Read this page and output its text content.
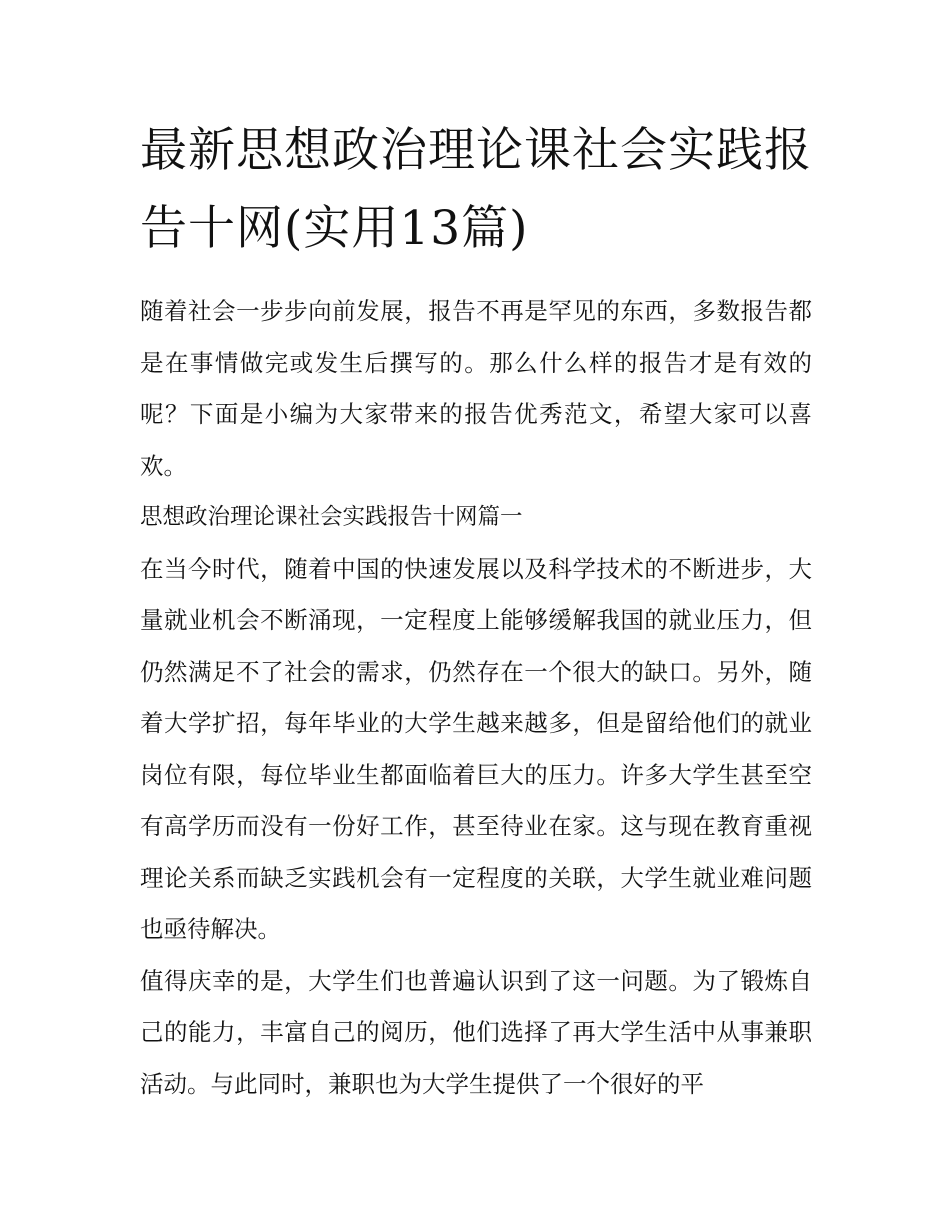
最新思想政治理论课社会实践报告十网(实用13篇)

随着社会一步步向前发展，报告不再是罕见的东西，多数报告都是在事情做完或发生后撰写的。那么什么样的报告才是有效的呢？下面是小编为大家带来的报告优秀范文，希望大家可以喜欢。

思想政治理论课社会实践报告十网篇一

在当今时代，随着中国的快速发展以及科学技术的不断进步，大量就业机会不断涌现，一定程度上能够缓解我国的就业压力，但仍然满足不了社会的需求，仍然存在一个很大的缺口。另外，随着大学扩招，每年毕业的大学生越来越多，但是留给他们的就业岗位有限，每位毕业生都面临着巨大的压力。许多大学生甚至空有高学历而没有一份好工作，甚至待业在家。这与现在教育重视理论关系而缺乏实践机会有一定程度的关联，大学生就业难问题也亟待解决。

值得庆幸的是，大学生们也普遍认识到了这一问题。为了锻炼自己的能力，丰富自己的阅历，他们选择了再大学生活中从事兼职活动。与此同时，兼职也为大学生提供了一个很好的平
